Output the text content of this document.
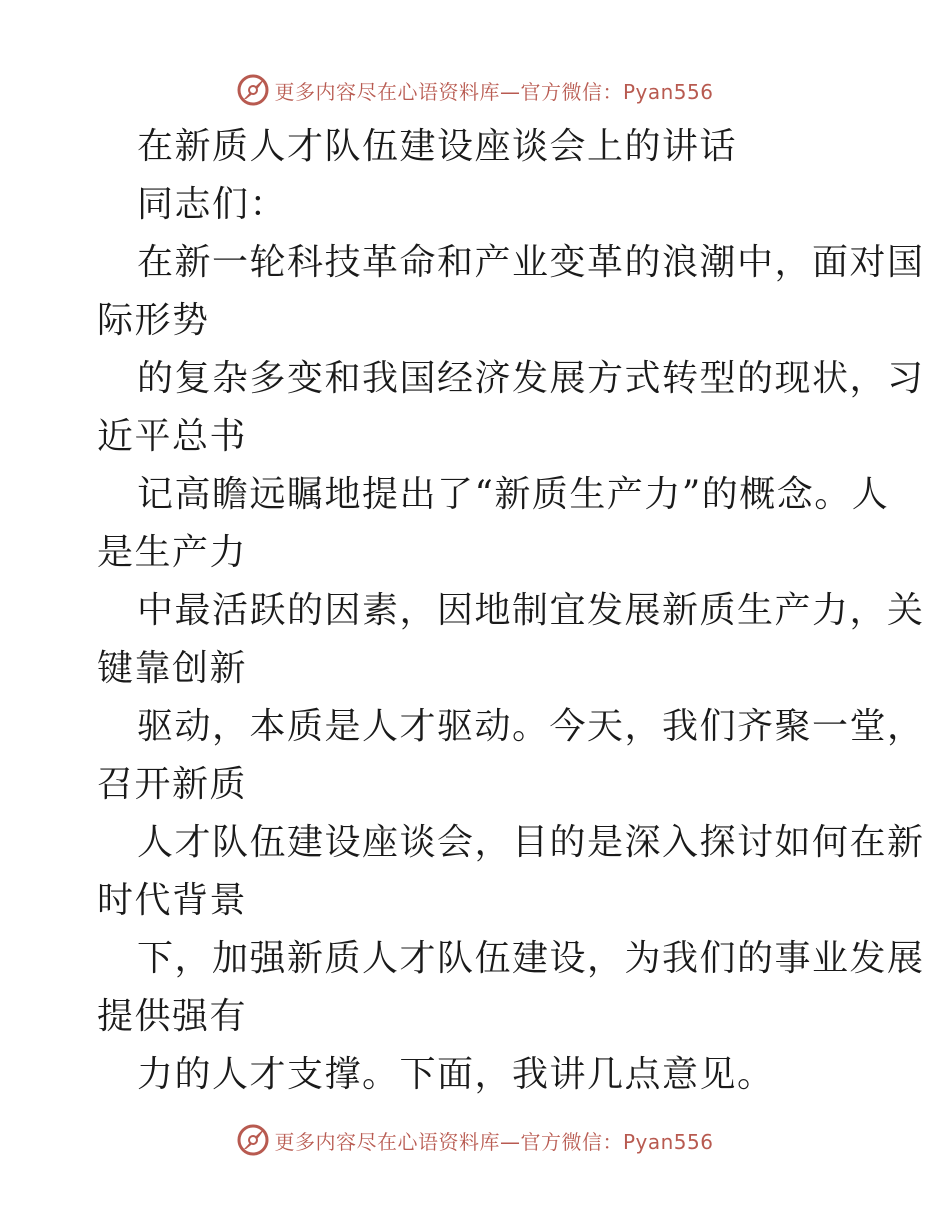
更多内容尽在心语资料库—官方微信：Pyan556
在新质人才队伍建设座谈会上的讲话
同志们：
在新一轮科技革命和产业变革的浪潮中，面对国
际形势
的复杂多变和我国经济发展方式转型的现状，习
近平总书
记高瞻远瞩地提出了“新质生产力”的概念。人
是生产力
中最活跃的因素，因地制宜发展新质生产力，关
键靠创新
驱动，本质是人才驱动。今天，我们齐聚一堂，
召开新质
人才队伍建设座谈会，目的是深入探讨如何在新
时代背景
下，加强新质人才队伍建设，为我们的事业发展
提供强有
力的人才支撑。下面，我讲几点意见。
更多内容尽在心语资料库—官方微信：Pyan556
